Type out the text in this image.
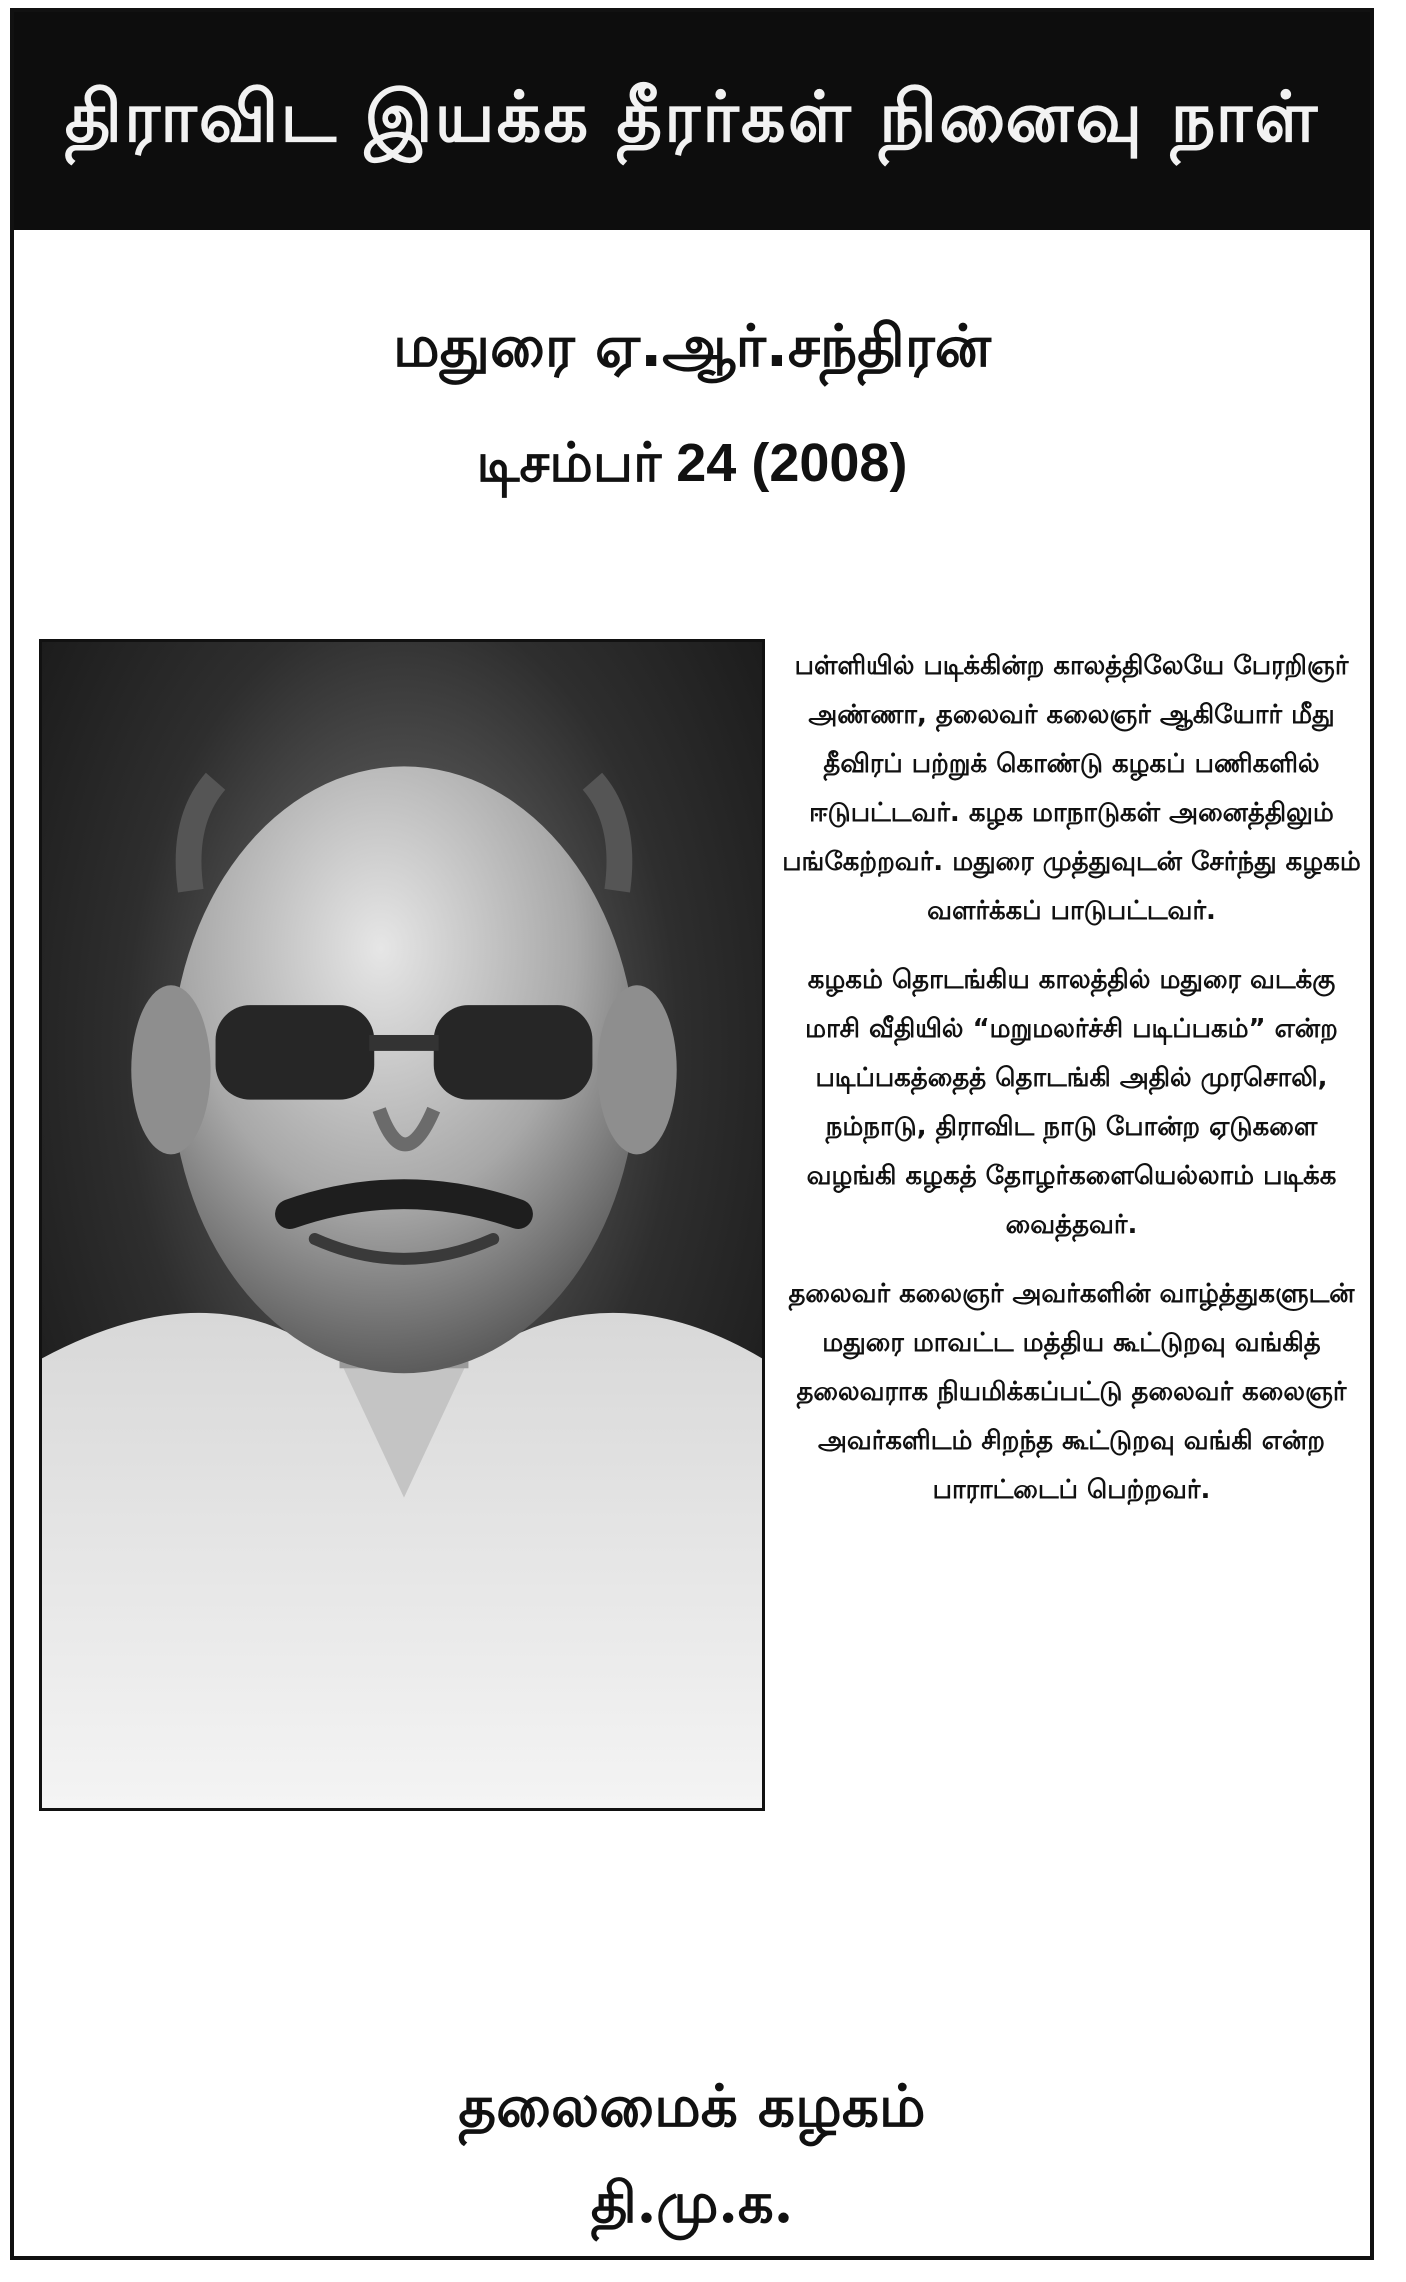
திராவிட இயக்க தீரர்கள் நினைவு நாள்
மதுரை ஏ.ஆர்.சந்திரன்
டிசம்பர் 24 (2008)

பள்ளியில் படிக்கின்ற காலத்திலேயே பேரறிஞர் அண்ணா, தலைவர் கலைஞர் ஆகியோர் மீது தீவிரப் பற்றுக் கொண்டு கழகப் பணிகளில் ஈடுபட்டவர். கழக மாநாடுகள் அனைத்திலும் பங்கேற்றவர். மதுரை முத்துவுடன் சேர்ந்து கழகம் வளர்க்கப் பாடுபட்டவர்.

கழகம் தொடங்கிய காலத்தில் மதுரை வடக்கு மாசி வீதியில் “மறுமலர்ச்சி படிப்பகம்” என்ற படிப்பகத்தைத் தொடங்கி அதில் முரசொலி, நம்நாடு, திராவிட நாடு போன்ற ஏடுகளை வழங்கி கழகத் தோழர்களையெல்லாம் படிக்க வைத்தவர்.

தலைவர் கலைஞர் அவர்களின் வாழ்த்துகளுடன் மதுரை மாவட்ட மத்திய கூட்டுறவு வங்கித் தலைவராக நியமிக்கப்பட்டு தலைவர் கலைஞர் அவர்களிடம் சிறந்த கூட்டுறவு வங்கி என்ற பாராட்டைப் பெற்றவர்.

தலைமைக் கழகம்
தி.மு.க.
